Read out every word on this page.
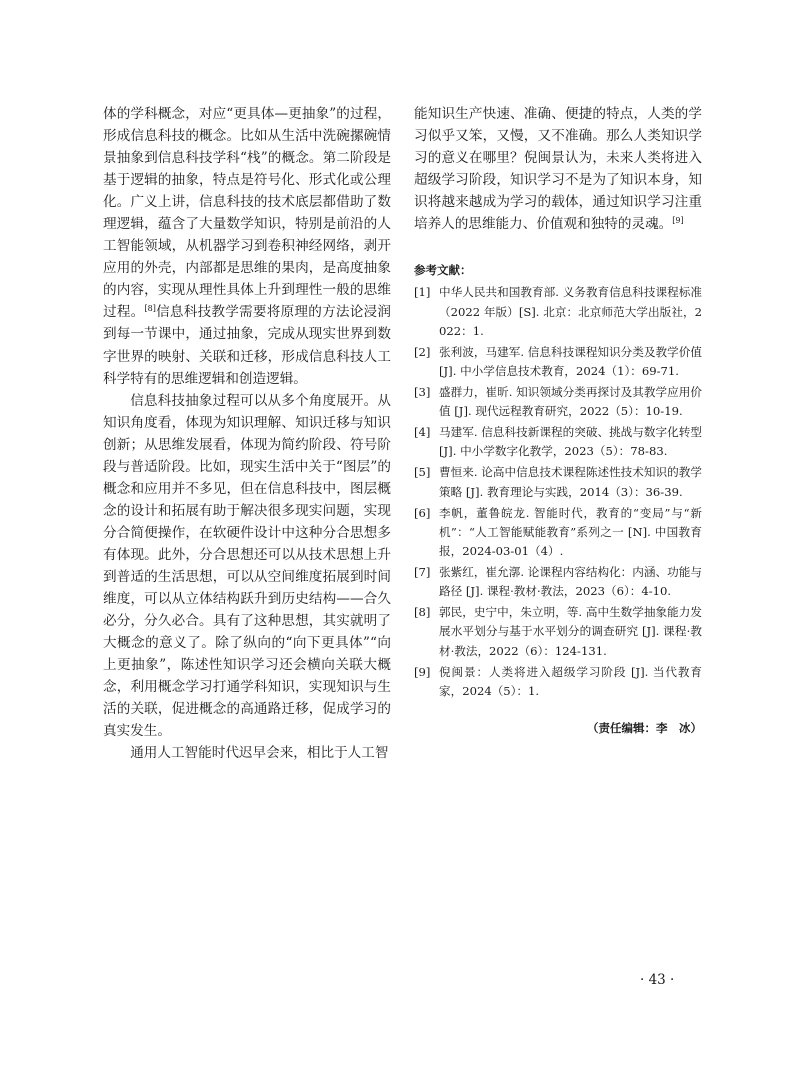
体的学科概念，对应“更具体—更抽象”的过程，形成信息科技的概念。比如从生活中洗碗摞碗情景抽象到信息科技学科“栈”的概念。第二阶段是基于逻辑的抽象，特点是符号化、形式化或公理化。广义上讲，信息科技的技术底层都借助了数理逻辑，蕴含了大量数学知识，特别是前沿的人工智能领域，从机器学习到卷积神经网络，剥开应用的外壳，内部都是思维的果肉，是高度抽象的内容，实现从理性具体上升到理性一般的思维过程。[8]信息科技教学需要将原理的方法论浸润到每一节课中，通过抽象，完成从现实世界到数字世界的映射、关联和迁移，形成信息科技人工科学特有的思维逻辑和创造逻辑。

信息科技抽象过程可以从多个角度展开。从知识角度看，体现为知识理解、知识迁移与知识创新；从思维发展看，体现为简约阶段、符号阶段与普适阶段。比如，现实生活中关于“图层”的概念和应用并不多见，但在信息科技中，图层概念的设计和拓展有助于解决很多现实问题，实现分合简便操作，在软硬件设计中这种分合思想多有体现。此外，分合思想还可以从技术思想上升到普适的生活思想，可以从空间维度拓展到时间维度，可以从立体结构跃升到历史结构——合久必分，分久必合。具有了这种思想，其实就明了大概念的意义了。除了纵向的“向下更具体”“向上更抽象”，陈述性知识学习还会横向关联大概念，利用概念学习打通学科知识，实现知识与生活的关联，促进概念的高通路迁移，促成学习的真实发生。

通用人工智能时代迟早会来，相比于人工智

能知识生产快速、准确、便捷的特点，人类的学习似乎又笨，又慢，又不准确。那么人类知识学习的意义在哪里？倪闽景认为，未来人类将进入超级学习阶段，知识学习不是为了知识本身，知识将越来越成为学习的载体，通过知识学习注重培养人的思维能力、价值观和独特的灵魂。[9]

参考文献：
[1] 中华人民共和国教育部. 义务教育信息科技课程标准（2022 年版）[S]. 北京：北京师范大学出版社，2022：1.
[2] 张利波，马建军. 信息科技课程知识分类及教学价值 [J]. 中小学信息技术教育，2024（1）：69-71.
[3] 盛群力，崔昕. 知识领域分类再探讨及其教学应用价值 [J]. 现代远程教育研究，2022（5）：10-19.
[4] 马建军. 信息科技新课程的突破、挑战与数字化转型 [J]. 中小学数字化教学，2023（5）：78-83.
[5] 曹恒来. 论高中信息技术课程陈述性技术知识的教学策略 [J]. 教育理论与实践，2014（3）：36-39.
[6] 李帆，董鲁皖龙. 智能时代，教育的“变局”与“新机”：“人工智能赋能教育”系列之一 [N]. 中国教育报，2024-03-01（4）.
[7] 张紫红，崔允漷. 论课程内容结构化：内涵、功能与路径 [J]. 课程·教材·教法，2023（6）：4-10.
[8] 郭民，史宁中，朱立明，等. 高中生数学抽象能力发展水平划分与基于水平划分的调查研究 [J]. 课程·教材·教法，2022（6）：124-131.
[9] 倪闽景：人类将进入超级学习阶段 [J]. 当代教育家，2024（5）：1.
（责任编辑：李　冰）
· 43 ·
